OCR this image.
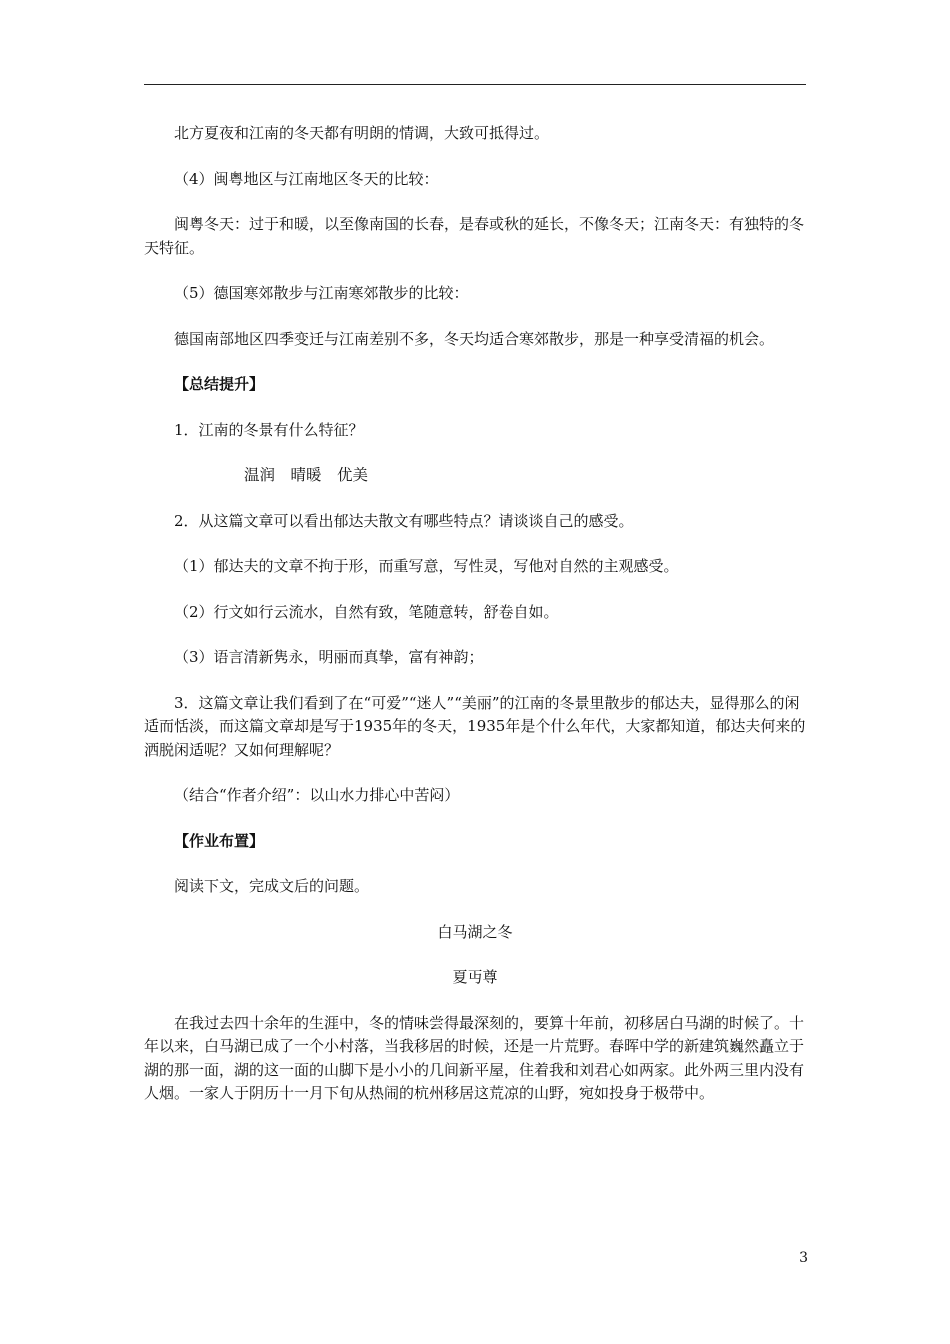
北方夏夜和江南的冬天都有明朗的情调，大致可抵得过。

（4）闽粤地区与江南地区冬天的比较：

闽粤冬天：过于和暖，以至像南国的长春，是春或秋的延长，不像冬天；江南冬天：有独特的冬天特征。

（5）德国寒郊散步与江南寒郊散步的比较：

德国南部地区四季变迁与江南差别不多，冬天均适合寒郊散步，那是一种享受清福的机会。

【总结提升】

1．江南的冬景有什么特征？

温润　晴暖　优美

2．从这篇文章可以看出郁达夫散文有哪些特点？请谈谈自己的感受。

（1）郁达夫的文章不拘于形，而重写意，写性灵，写他对自然的主观感受。

（2）行文如行云流水，自然有致，笔随意转，舒卷自如。

（3）语言清新隽永，明丽而真挚，富有神韵；

3．这篇文章让我们看到了在“可爱”“迷人”“美丽”的江南的冬景里散步的郁达夫，显得那么的闲适而恬淡，而这篇文章却是写于1935年的冬天，1935年是个什么年代，大家都知道，郁达夫何来的洒脱闲适呢？又如何理解呢？

（结合“作者介绍”：以山水力排心中苦闷）

【作业布置】

阅读下文，完成文后的问题。

白马湖之冬

夏丏尊

在我过去四十余年的生涯中，冬的情味尝得最深刻的，要算十年前，初移居白马湖的时候了。十年以来，白马湖已成了一个小村落，当我移居的时候，还是一片荒野。春晖中学的新建筑巍然矗立于湖的那一面，湖的这一面的山脚下是小小的几间新平屋，住着我和刘君心如两家。此外两三里内没有人烟。一家人于阴历十一月下旬从热闹的杭州移居这荒凉的山野，宛如投身于极带中。

3
